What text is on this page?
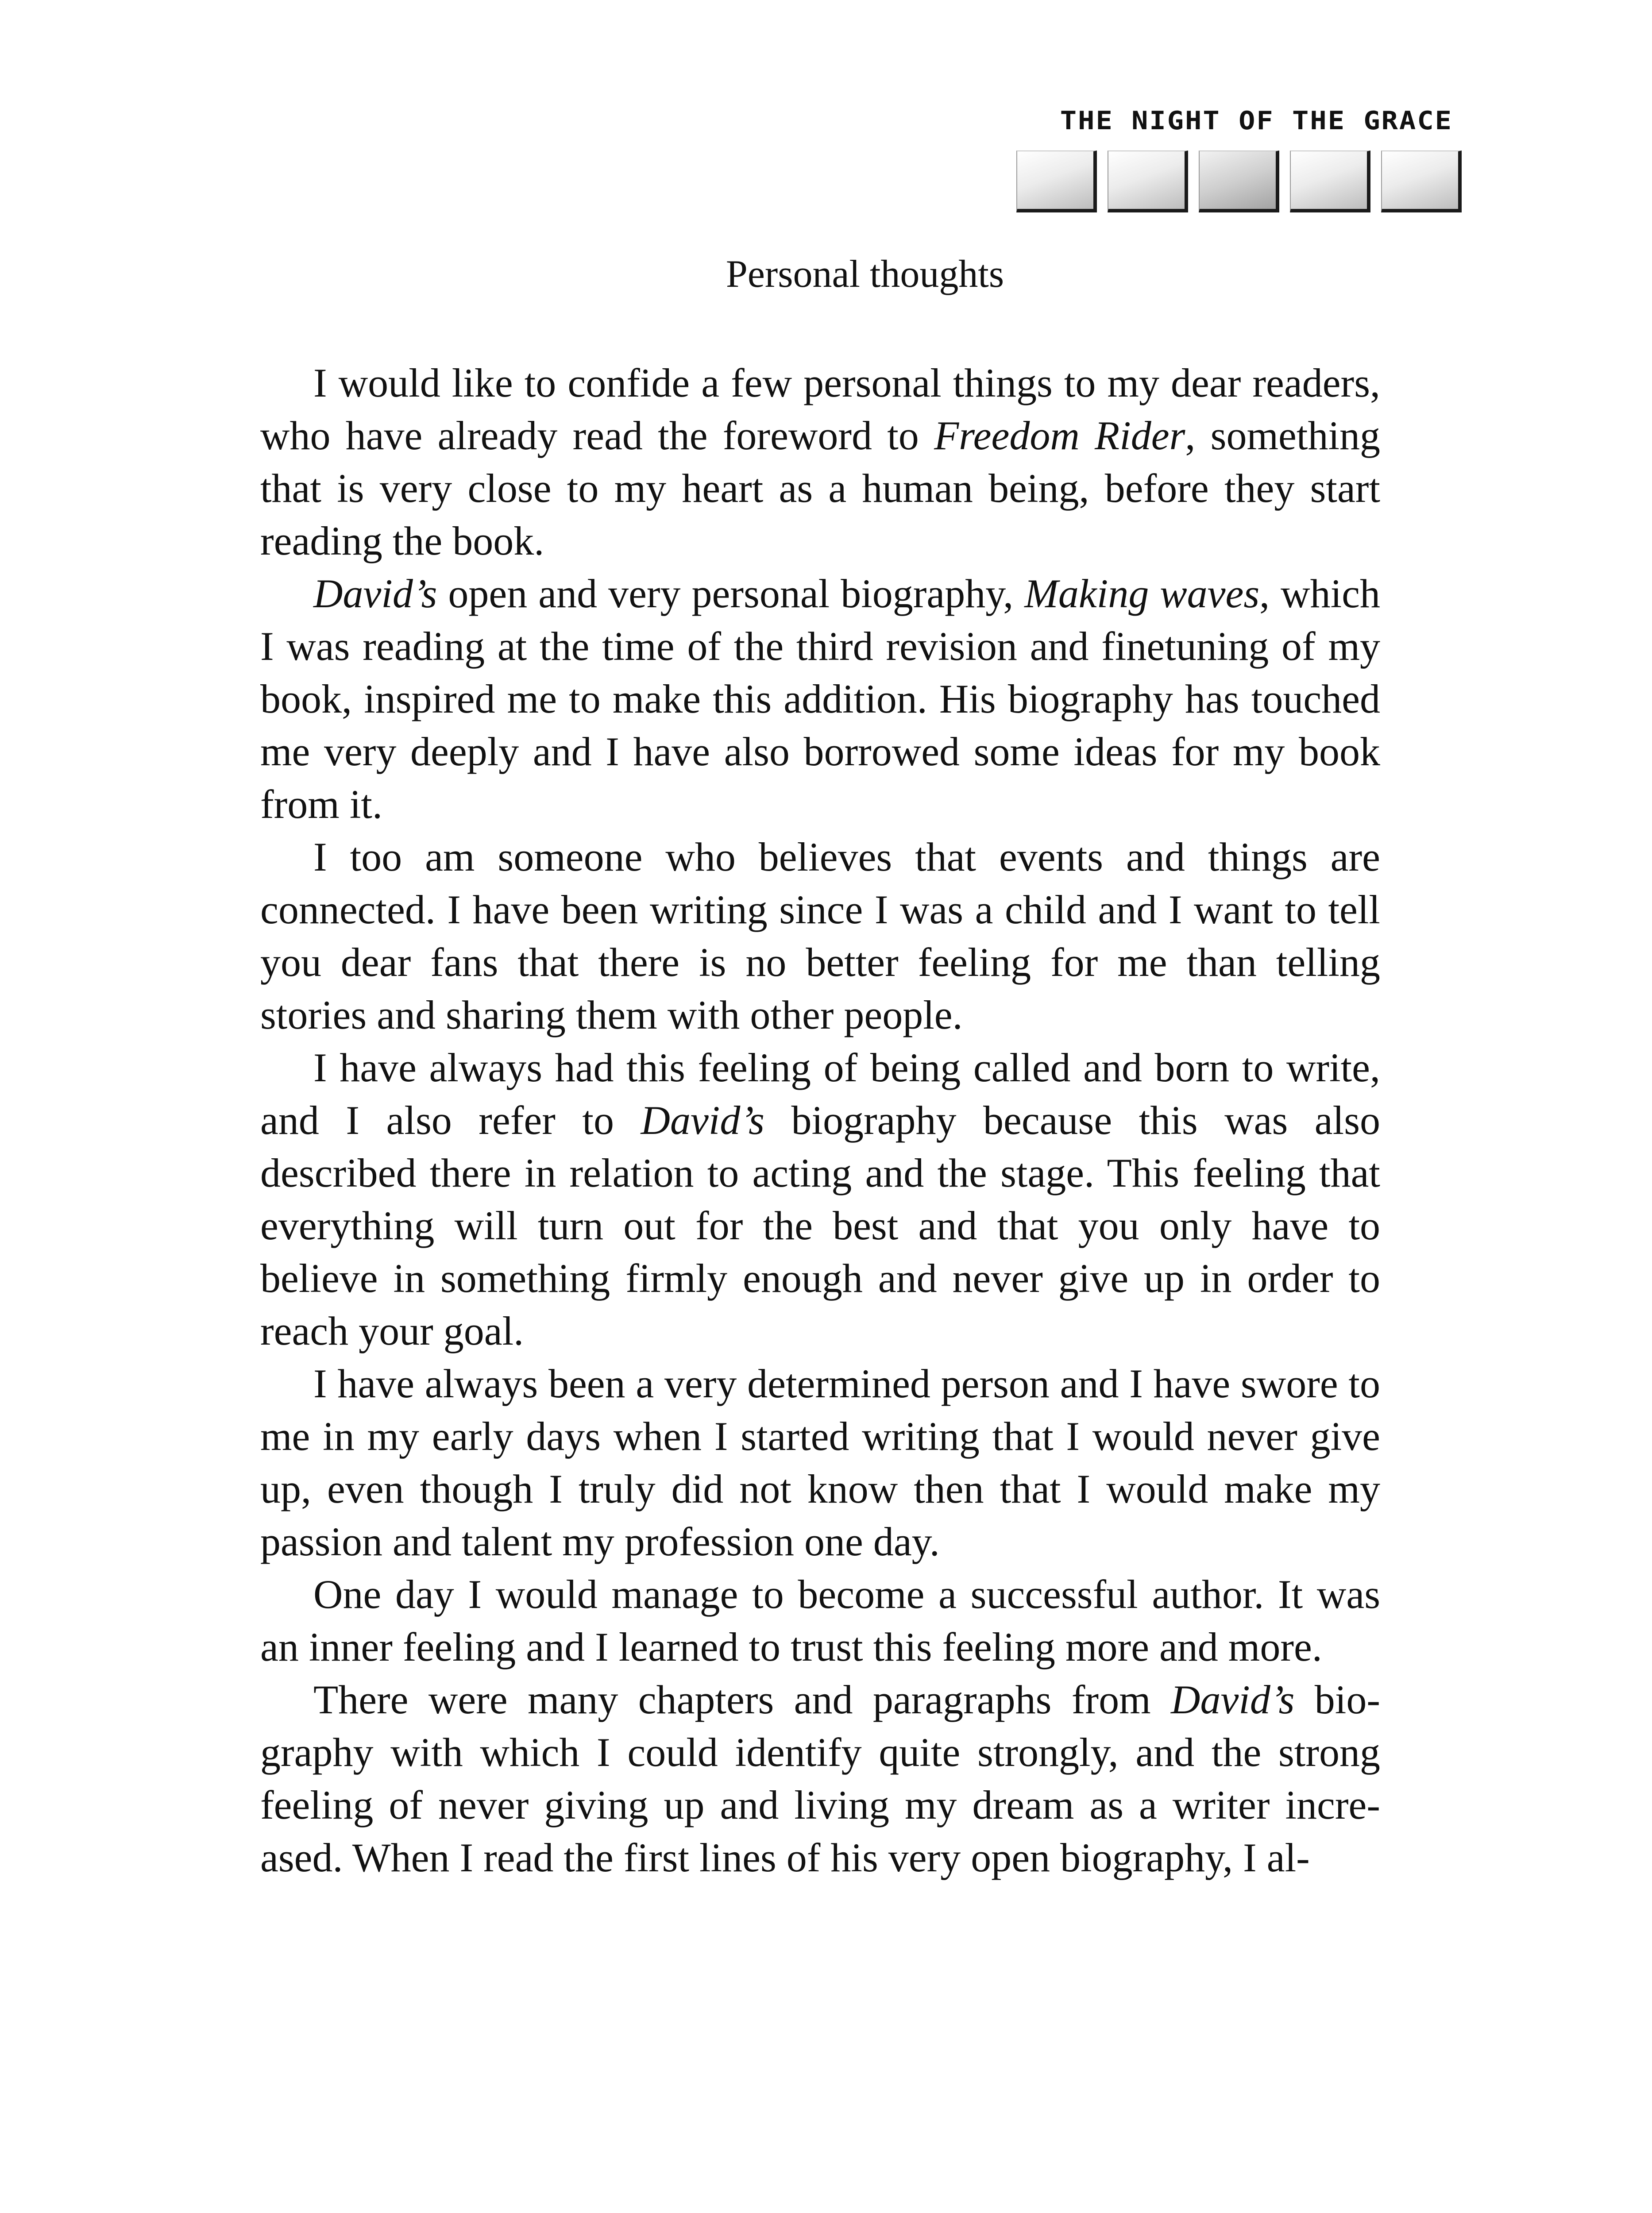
THE NIGHT OF THE GRACE
Personal thoughts

I would like to confide a few personal things to my dear readers, who have already read the foreword to Freedom Rider, something that is very close to my heart as a human being, before they start reading the book.

David’s open and very personal biography, Making waves, which I was reading at the time of the third revision and finetuning of my book, inspired me to make this addition. His biography has touched me very deeply and I have also borrowed some ideas for my book from it.

I too am someone who believes that events and things are connected. I have been writing since I was a child and I want to tell you dear fans that there is no better feeling for me than telling stories and sharing them with other people.

I have always had this feeling of being called and born to write, and I also refer to David’s biography because this was also described there in relation to acting and the stage. This feeling that everything will turn out for the best and that you only have to believe in something firmly enough and never give up in order to reach your goal.

I have always been a very determined person and I have swore to me in my early days when I started writing that I would never give up, even though I truly did not know then that I would make my passion and talent my profession one day.

One day I would manage to become a successful author. It was an inner feeling and I learned to trust this feeling more and more.

There were many chapters and paragraphs from David’s biography with which I could identify quite strongly, and the strong feeling of never giving up and living my dream as a writer increased. When I read the first lines of his very open biography, I al-
